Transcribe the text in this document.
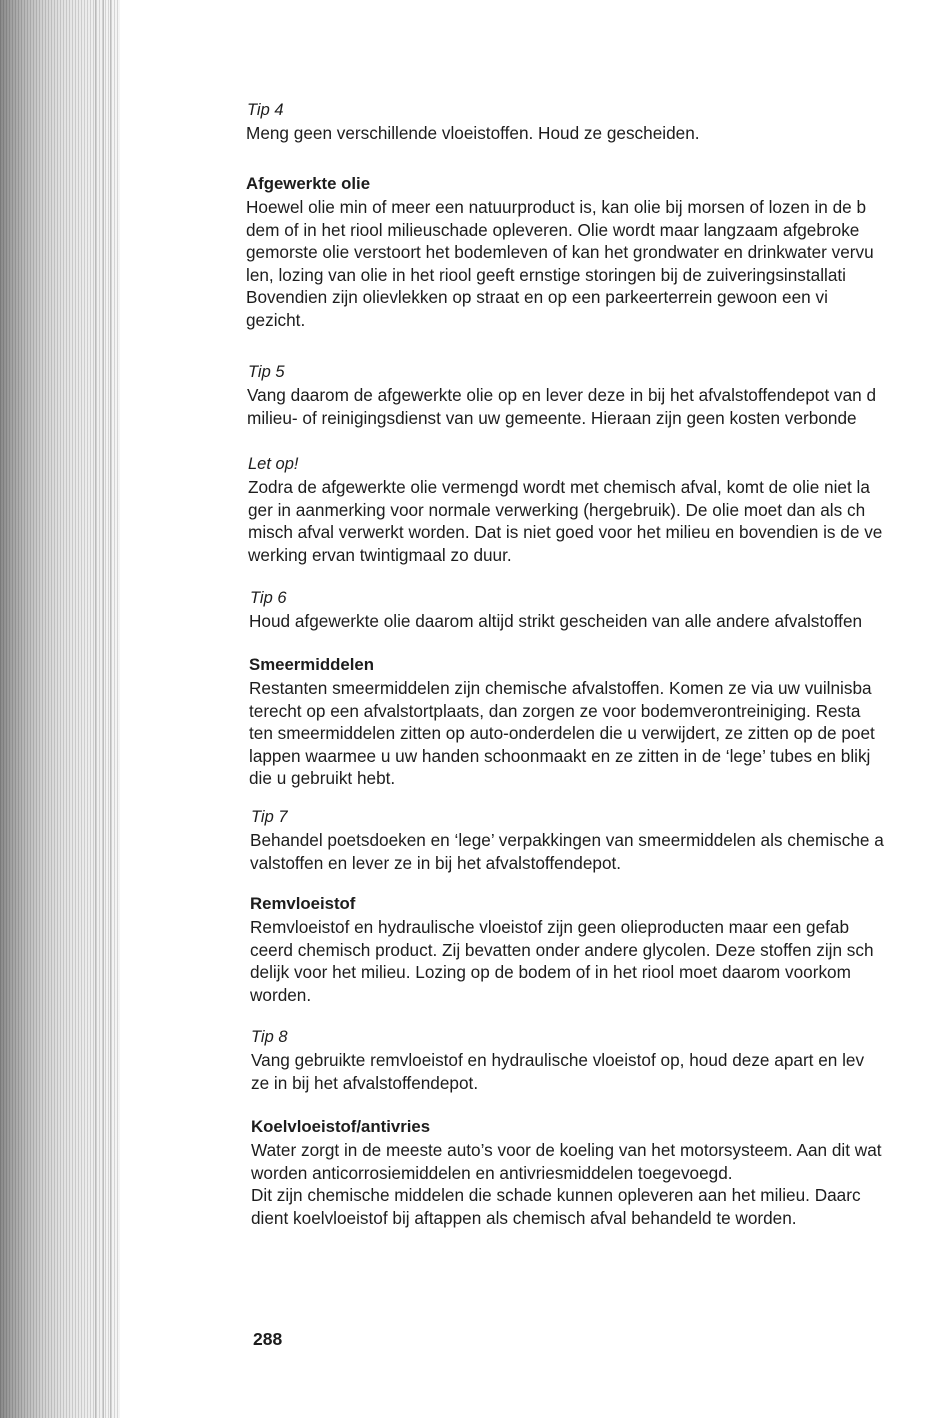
Tip 4

Meng geen verschillende vloeistoffen. Houd ze gescheiden.

Afgewerkte olie

Hoewel olie min of meer een natuurproduct is, kan olie bij morsen of lozen in de b
dem of in het riool milieuschade opleveren. Olie wordt maar langzaam afgebroke
gemorste olie verstoort het bodemleven of kan het grondwater en drinkwater vervu
len, lozing van olie in het riool geeft ernstige storingen bij de zuiveringsinstallati
Bovendien zijn olievlekken op straat en op een parkeerterrein gewoon een vi
gezicht.

Tip 5

Vang daarom de afgewerkte olie op en lever deze in bij het afvalstoffendepot van d
milieu- of reinigingsdienst van uw gemeente. Hieraan zijn geen kosten verbonde

Let op!

Zodra de afgewerkte olie vermengd wordt met chemisch afval, komt de olie niet la
ger in aanmerking voor normale verwerking (hergebruik). De olie moet dan als ch
misch afval verwerkt worden. Dat is niet goed voor het milieu en bovendien is de ve
werking ervan twintigmaal zo duur.

Tip 6

Houd afgewerkte olie daarom altijd strikt gescheiden van alle andere afvalstoffen

Smeermiddelen

Restanten smeermiddelen zijn chemische afvalstoffen. Komen ze via uw vuilnisba
terecht op een afvalstortplaats, dan zorgen ze voor bodemverontreiniging. Resta
ten smeermiddelen zitten op auto-onderdelen die u verwijdert, ze zitten op de poet
lappen waarmee u uw handen schoonmaakt en ze zitten in de ‘lege’ tubes en blikj
die u gebruikt hebt.

Tip 7

Behandel poetsdoeken en ‘lege’ verpakkingen van smeermiddelen als chemische a
valstoffen en lever ze in bij het afvalstoffendepot.

Remvloeistof

Remvloeistof en hydraulische vloeistof zijn geen olieproducten maar een gefab
ceerd chemisch product. Zij bevatten onder andere glycolen. Deze stoffen zijn sch
delijk voor het milieu. Lozing op de bodem of in het riool moet daarom voorkom
worden.

Tip 8

Vang gebruikte remvloeistof en hydraulische vloeistof op, houd deze apart en lev
ze in bij het afvalstoffendepot.

Koelvloeistof/antivries

Water zorgt in de meeste auto’s voor de koeling van het motorsysteem. Aan dit wat
worden anticorrosiemiddelen en antivriesmiddelen toegevoegd.
Dit zijn chemische middelen die schade kunnen opleveren aan het milieu. Daarc
dient koelvloeistof bij aftappen als chemisch afval behandeld te worden.

288
